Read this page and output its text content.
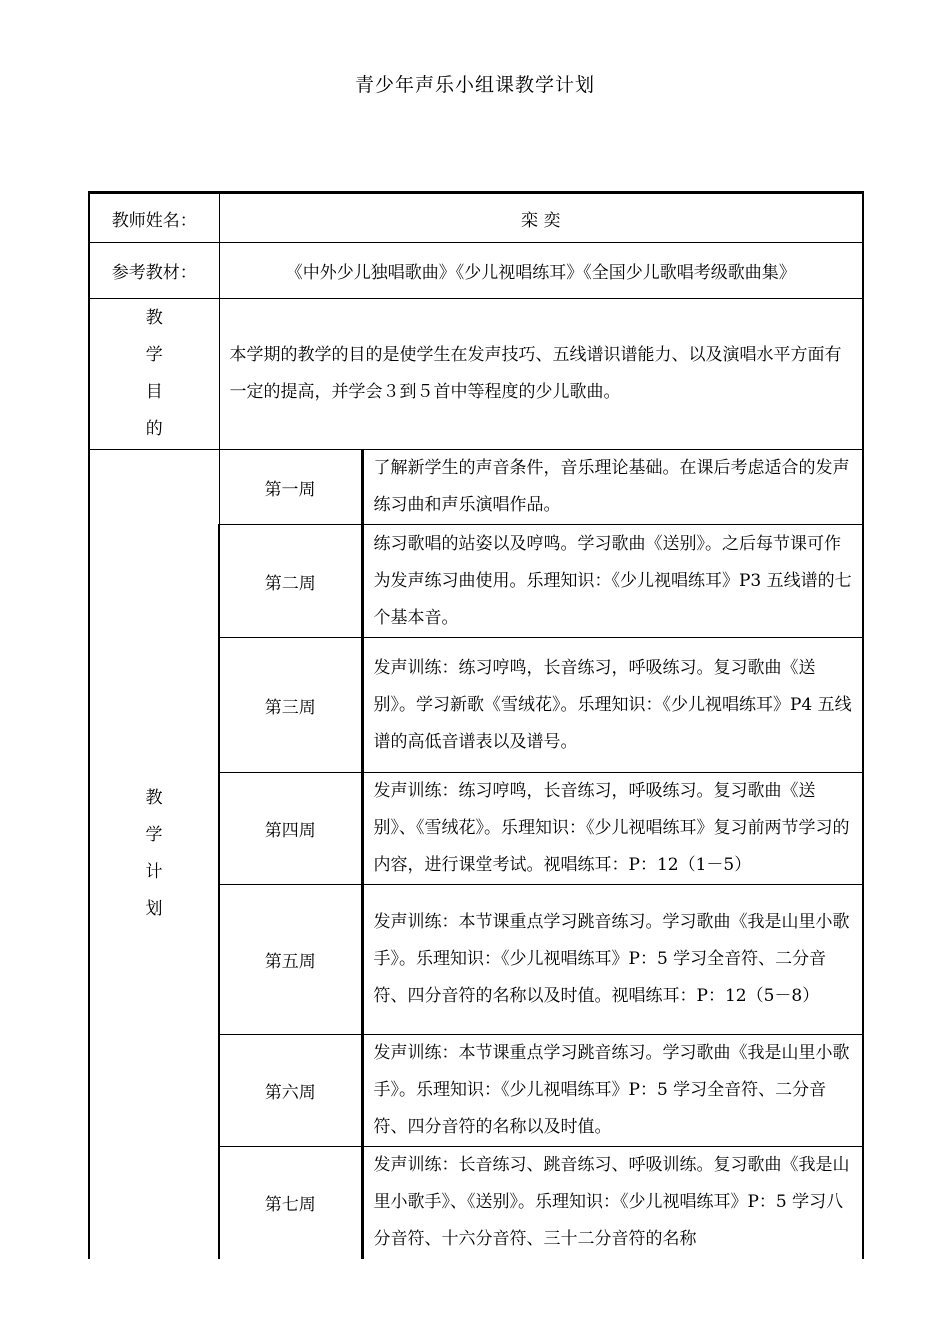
青少年声乐小组课教学计划
教师姓名：	栾 奕	
参考教材：	《中外少儿独唱歌曲》《少儿视唱练耳》《全国少儿歌唱考级歌曲集》	

教
学
目
的	本学期的教学的目的是使学生在发声技巧、五线谱识谱能力、以及演唱水平方面有一定的提高，并学会３到５首中等程度的少儿歌曲。	

教
学
计
划	第一周	了解新学生的声音条件，音乐理论基础。在课后考虑适合的发声练习曲和声乐演唱作品。
	第二周	练习歌唱的站姿以及哼鸣。学习歌曲《送别》。之后每节课可作为发声练习曲使用。乐理知识：《少儿视唱练耳》P3 五线谱的七个基本音。
	第三周	发声训练：练习哼鸣，长音练习，呼吸练习。复习歌曲《送别》。学习新歌《雪绒花》。乐理知识：《少儿视唱练耳》P4 五线谱的高低音谱表以及谱号。
	第四周	发声训练：练习哼鸣，长音练习，呼吸练习。复习歌曲《送别》、《雪绒花》。乐理知识：《少儿视唱练耳》复习前两节学习的内容，进行课堂考试。视唱练耳：P：12（1－5）
	第五周	发声训练：本节课重点学习跳音练习。学习歌曲《我是山里小歌手》。乐理知识：《少儿视唱练耳》P：5 学习全音符、二分音符、四分音符的名称以及时值。视唱练耳：P：12（5－8）
	第六周	发声训练：本节课重点学习跳音练习。学习歌曲《我是山里小歌手》。乐理知识：《少儿视唱练耳》P：5 学习全音符、二分音符、四分音符的名称以及时值。
	第七周	发声训练：长音练习、跳音练习、呼吸训练。复习歌曲《我是山里小歌手》、《送别》。乐理知识：《少儿视唱练耳》P：5 学习八分音符、十六分音符、三十二分音符的名称
